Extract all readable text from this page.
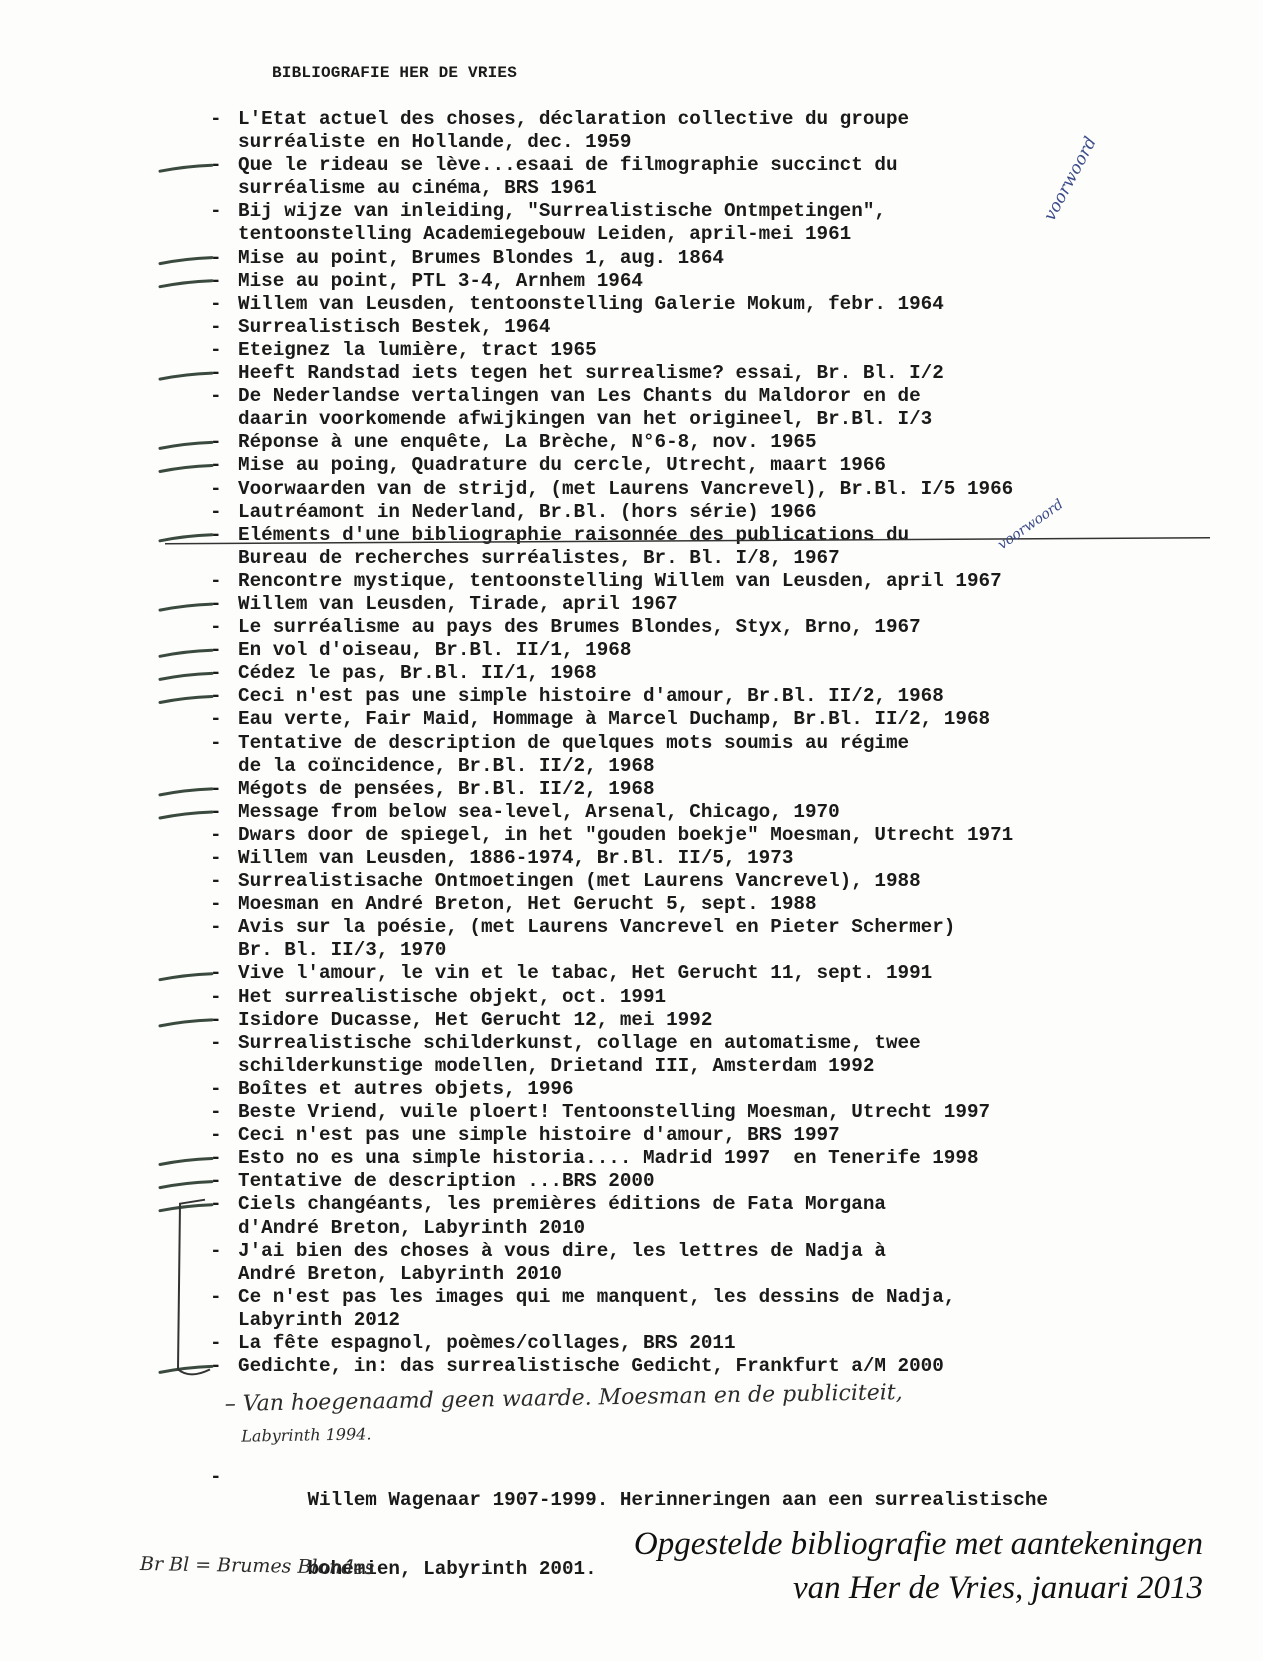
BIBLIOGRAFIE HER DE VRIES
- L'Etat actuel des choses, déclaration collective du groupe
surréaliste en Hollande, dec. 1959
- Que le rideau se lève...esaai de filmographie succinct du
surréalisme au cinéma, BRS 1961
- Bij wijze van inleiding, "Surrealistische Ontmpetingen",
tentoonstelling Academiegebouw Leiden, april-mei 1961
- Mise au point, Brumes Blondes 1, aug. 1864
- Mise au point, PTL 3-4, Arnhem 1964
- Willem van Leusden, tentoonstelling Galerie Mokum, febr. 1964
- Surrealistisch Bestek, 1964
- Eteignez la lumière, tract 1965
- Heeft Randstad iets tegen het surrealisme? essai, Br. Bl. I/2
- De Nederlandse vertalingen van Les Chants du Maldoror en de
daarin voorkomende afwijkingen van het origineel, Br.Bl. I/3
- Réponse à une enquête, La Brèche, N°6-8, nov. 1965
- Mise au poing, Quadrature du cercle, Utrecht, maart 1966
- Voorwaarden van de strijd, (met Laurens Vancrevel), Br.Bl. I/5 1966
- Lautréamont in Nederland, Br.Bl. (hors série) 1966
- Eléments d'une bibliographie raisonnée des publications du
Bureau de recherches surréalistes, Br. Bl. I/8, 1967
- Rencontre mystique, tentoonstelling Willem van Leusden, april 1967
- Willem van Leusden, Tirade, april 1967
- Le surréalisme au pays des Brumes Blondes, Styx, Brno, 1967
- En vol d'oiseau, Br.Bl. II/1, 1968
- Cédez le pas, Br.Bl. II/1, 1968
- Ceci n'est pas une simple histoire d'amour, Br.Bl. II/2, 1968
- Eau verte, Fair Maid, Hommage à Marcel Duchamp, Br.Bl. II/2, 1968
- Tentative de description de quelques mots soumis au régime
de la coïncidence, Br.Bl. II/2, 1968
- Mégots de pensées, Br.Bl. II/2, 1968
- Message from below sea-level, Arsenal, Chicago, 1970
- Dwars door de spiegel, in het "gouden boekje" Moesman, Utrecht 1971
- Willem van Leusden, 1886-1974, Br.Bl. II/5, 1973
- Surrealistisache Ontmoetingen (met Laurens Vancrevel), 1988
- Moesman en André Breton, Het Gerucht 5, sept. 1988
- Avis sur la poésie, (met Laurens Vancrevel en Pieter Schermer)
Br. Bl. II/3, 1970
- Vive l'amour, le vin et le tabac, Het Gerucht 11, sept. 1991
- Het surrealistische objekt, oct. 1991
- Isidore Ducasse, Het Gerucht 12, mei 1992
- Surrealistische schilderkunst, collage en automatisme, twee
schilderkunstige modellen, Drietand III, Amsterdam 1992
- Boîtes et autres objets, 1996
- Beste Vriend, vuile ploert! Tentoonstelling Moesman, Utrecht 1997
- Ceci n'est pas une simple histoire d'amour, BRS 1997
- Esto no es una simple historia.... Madrid 1997  en Tenerife 1998
- Tentative de description ...BRS 2000
- Ciels changéants, les premières éditions de Fata Morgana
d'André Breton, Labyrinth 2010
- J'ai bien des choses à vous dire, les lettres de Nadja à
André Breton, Labyrinth 2010
- Ce n'est pas les images qui me manquent, les dessins de Nadja,
Labyrinth 2012
- La fête espagnol, poèmes/collages, BRS 2011
- Gedichte, in: das surrealistische Gedicht, Frankfurt a/M 2000
voorwoord
voorwoord
– Van hoegenaamd geen waarde. Moesman en de publiciteit,
Labyrinth 1994.

-
Willem Wagenaar 1907-1999. Herinneringen aan een surrealistische

bohémien, Labyrinth 2001.

Br Bl = Brumes Blondes
Opgestelde bibliografie met aantekeningen
van Her de Vries, januari 2013
